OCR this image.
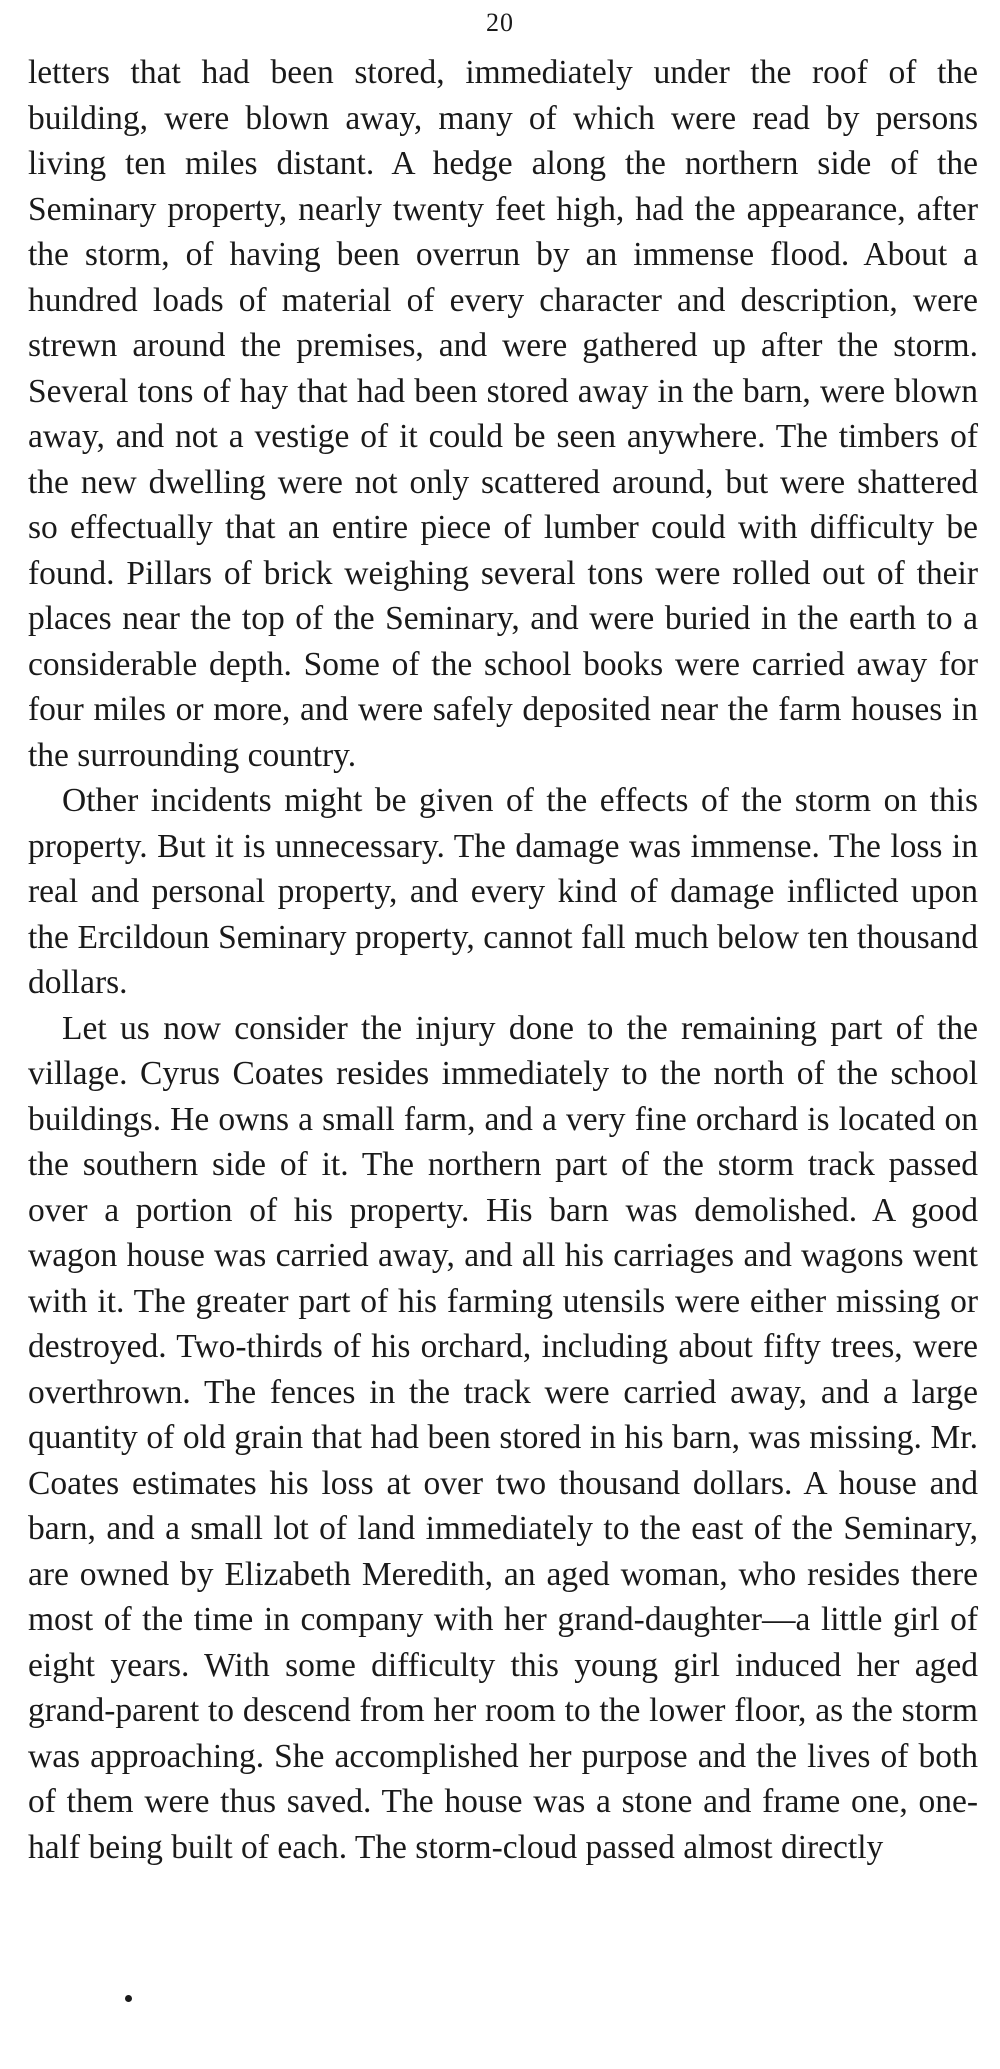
20

letters that had been stored, immediately under the roof of the building, were blown away, many of which were read by persons living ten miles distant. A hedge along the northern side of the Seminary property, nearly twenty feet high, had the appearance, after the storm, of having been overrun by an immense flood. About a hundred loads of material of every character and description, were strewn around the premises, and were gathered up after the storm. Several tons of hay that had been stored away in the barn, were blown away, and not a vestige of it could be seen anywhere. The timbers of the new dwelling were not only scattered around, but were shattered so effectually that an entire piece of lumber could with difficulty be found. Pillars of brick weighing several tons were rolled out of their places near the top of the Seminary, and were buried in the earth to a considerable depth. Some of the school books were carried away for four miles or more, and were safely deposited near the farm houses in the surrounding country.

Other incidents might be given of the effects of the storm on this property. But it is unnecessary. The damage was immense. The loss in real and personal property, and every kind of damage inflicted upon the Ercildoun Seminary property, cannot fall much below ten thousand dollars.

Let us now consider the injury done to the remaining part of the village. Cyrus Coates resides immediately to the north of the school buildings. He owns a small farm, and a very fine orchard is located on the southern side of it. The northern part of the storm track passed over a portion of his property. His barn was demolished. A good wagon house was carried away, and all his carriages and wagons went with it. The greater part of his farming utensils were either missing or destroyed. Two-thirds of his orchard, including about fifty trees, were overthrown. The fences in the track were carried away, and a large quantity of old grain that had been stored in his barn, was missing. Mr. Coates estimates his loss at over two thousand dollars. A house and barn, and a small lot of land immediately to the east of the Seminary, are owned by Elizabeth Meredith, an aged woman, who resides there most of the time in company with her grand-daughter—a little girl of eight years. With some difficulty this young girl induced her aged grand-parent to descend from her room to the lower floor, as the storm was approaching. She accomplished her purpose and the lives of both of them were thus saved. The house was a stone and frame one, one-half being built of each. The storm-cloud passed almost directly
